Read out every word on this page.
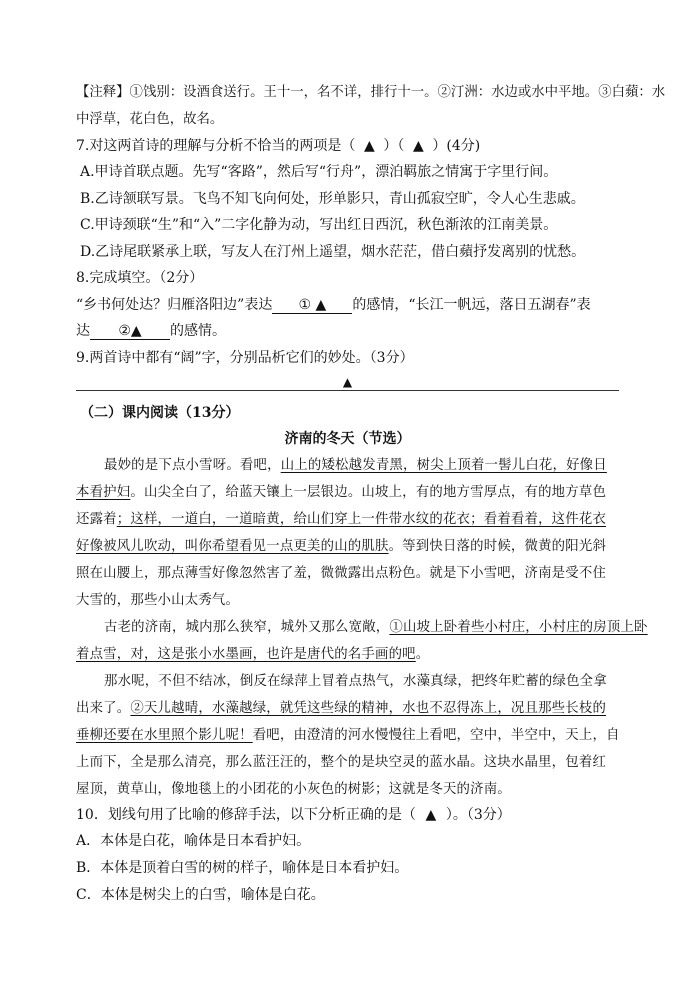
【注释】①饯别：设酒食送行。王十一，名不详，排行十一。②汀洲：水边或水中平地。③白蘋：水
中浮草，花白色，故名。
7.对这两首诗的理解与分析不恰当的两项是（ ▲ ）（ ▲ ）(4分)
A.甲诗首联点题。先写“客路”，然后写“行舟”，漂泊羁旅之情寓于字里行间。
B.乙诗颔联写景。飞鸟不知飞向何处，形单影只，青山孤寂空旷，令人心生悲戚。
C.甲诗颈联“生”和“入”二字化静为动，写出红日西沉，秋色渐浓的江南美景。
D.乙诗尾联紧承上联，写友人在汀州上遥望，烟水茫茫，借白蘋抒发离别的忧愁。
8.完成填空。（2分）
“乡书何处达？归雁洛阳边”表达 ① ▲ 的感情，“长江一帆远，落日五湖春”表
达 ②▲ 的感情。
9.两首诗中都有“阔”字，分别品析它们的妙处。（3分）
▲
（二）课内阅读（13分）
济南的冬天（节选）
最妙的是下点小雪呀。看吧，山上的矮松越发青黑，树尖上顶着一髻儿白花，好像日
本看护妇。山尖全白了，给蓝天镶上一层银边。山坡上，有的地方雪厚点，有的地方草色
还露着；这样，一道白，一道暗黄，给山们穿上一件带水纹的花衣；看着看着，这件花衣
好像被风儿吹动，叫你希望看见一点更美的山的肌肤。等到快日落的时候，微黄的阳光斜
照在山腰上，那点薄雪好像忽然害了羞，微微露出点粉色。就是下小雪吧，济南是受不住
大雪的，那些小山太秀气。
古老的济南，城内那么狭窄，城外又那么宽敞，①山坡上卧着些小村庄，小村庄的房顶上卧
着点雪，对，这是张小水墨画，也许是唐代的名手画的吧。
那水呢，不但不结冰，倒反在绿萍上冒着点热气，水藻真绿，把终年贮蓄的绿色全拿
出来了。②天儿越晴，水藻越绿，就凭这些绿的精神，水也不忍得冻上，况且那些长枝的
垂柳还要在水里照个影儿呢！看吧，由澄清的河水慢慢往上看吧，空中，半空中，天上，自
上而下，全是那么清亮，那么蓝汪汪的，整个的是块空灵的蓝水晶。这块水晶里，包着红
屋顶，黄草山，像地毯上的小团花的小灰色的树影；这就是冬天的济南。
10．划线句用了比喻的修辞手法，以下分析正确的是（ ▲ ）。（3分）
A．本体是白花，喻体是日本看护妇。
B．本体是顶着白雪的树的样子，喻体是日本看护妇。
C．本体是树尖上的白雪，喻体是白花。
